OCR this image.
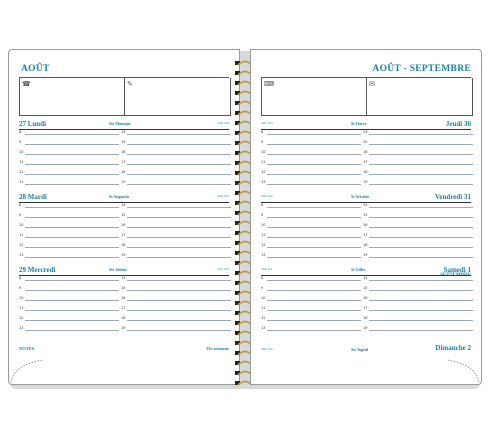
AOÛT
☎	✎
27 Lundi	Ste Monique	239-126
8	14
9	15
10	16
11	17
12	18
13	19
28 Mardi	St Augustin	240-125
8	14
9	15
10	16
11	17
12	18
13	19
29 Mercredi	Ste Sabine	241-124
8	14
9	15
10	16
11	17
12	18
13	19
NOTES	35e semaine
AOÛT - SEPTEMBRE
⌨	✉
Jeudi 30
St Fiacre
242-123
8	14
9	15
10	16
11	17
12	18
13	19
Vendredi 31
St Aristide
243-122
8	14
9	15
10	16
11	17
12	18
13	19
Samedi 1
St Gilles
244-121
SEPTEMBRE
8	14
9	15
10	16
11	17
12	18
13	19
245-120	Ste Ingrid	Dimanche 2
